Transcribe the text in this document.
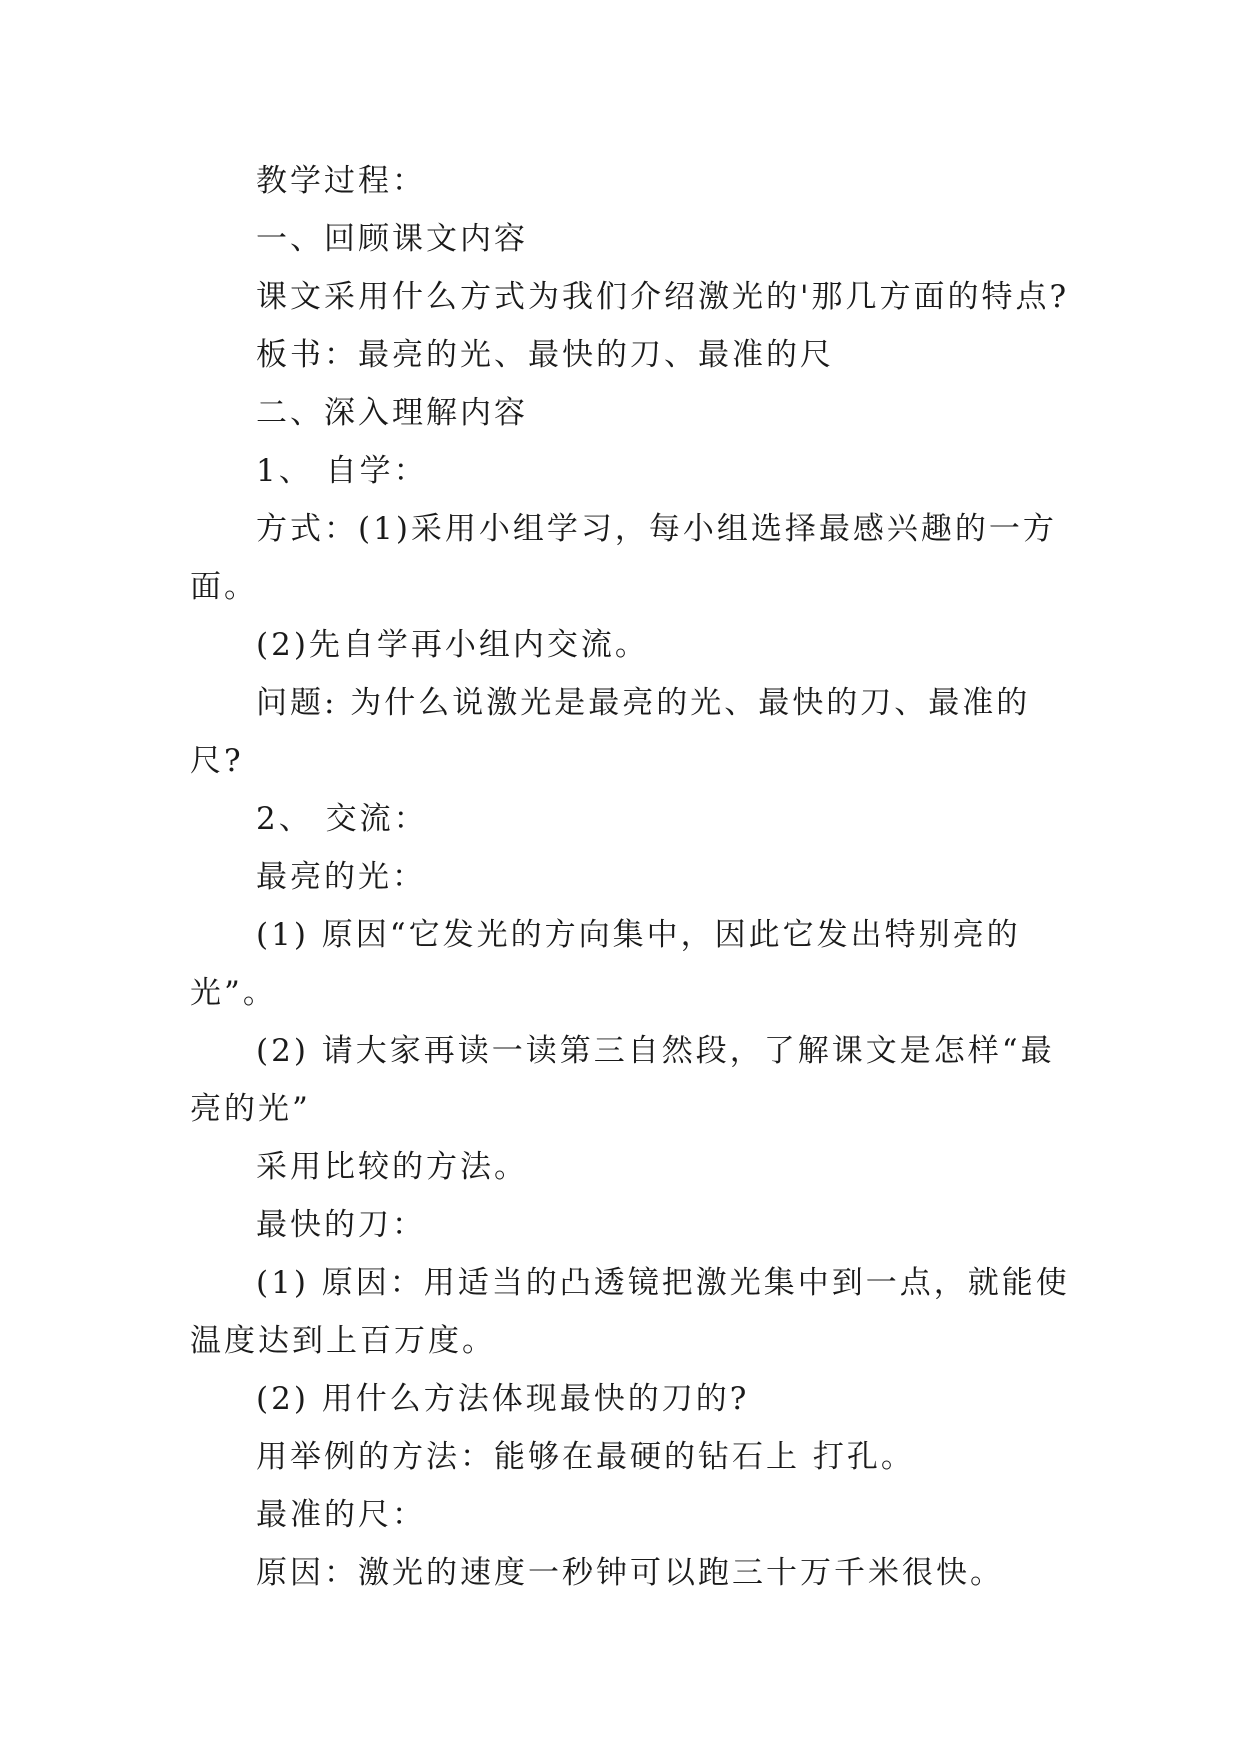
教学过程：

一、回顾课文内容

课文采用什么方式为我们介绍激光的'那几方面的特点?

板书：最亮的光、最快的刀、最准的尺

二、深入理解内容

1、 自学：

方式：(1)采用小组学习，每小组选择最感兴趣的一方面。

(2)先自学再小组内交流。

问题: 为什么说激光是最亮的光、最快的刀、最准的尺?

2、 交流：

最亮的光：

(1) 原因“它发光的方向集中，因此它发出特别亮的光”。

(2) 请大家再读一读第三自然段，了解课文是怎样“最亮的光”

采用比较的方法。

最快的刀：

(1) 原因：用适当的凸透镜把激光集中到一点，就能使温度达到上百万度。

(2) 用什么方法体现最快的刀的?

用举例的方法：能够在最硬的钻石上 打孔。

最准的尺：

原因：激光的速度一秒钟可以跑三十万千米很快。
